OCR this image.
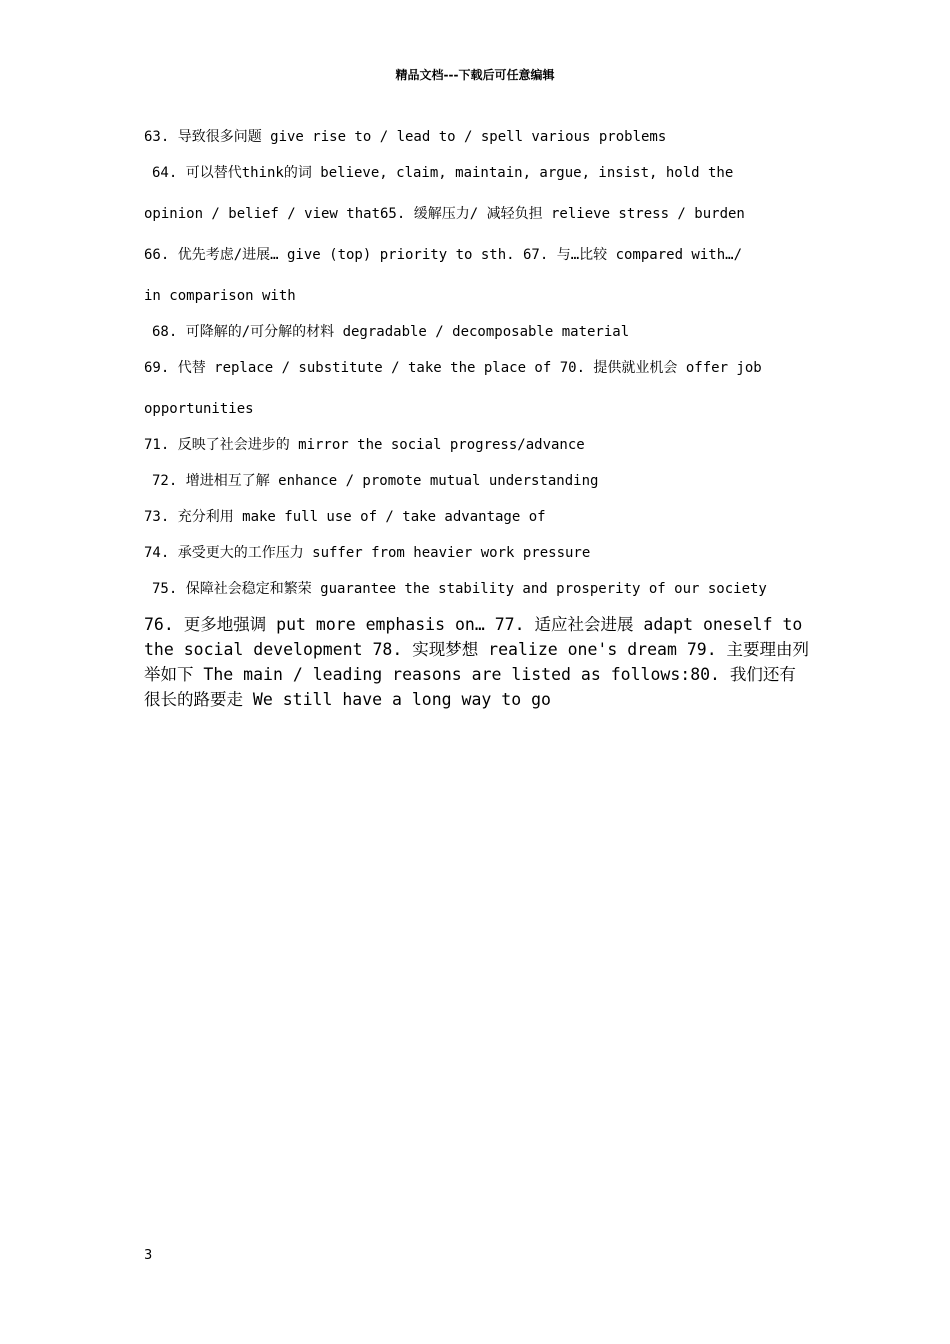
精品文档---下载后可任意编辑
63. 导致很多问题 give rise to / lead to / spell various problems
64. 可以替代think的词 believe, claim, maintain, argue, insist, hold the
opinion / belief / view that65. 缓解压力/ 减轻负担 relieve stress / burden
66. 优先考虑/进展… give (top) priority to sth. 67. 与…比较 compared with…/
in comparison with
68. 可降解的/可分解的材料 degradable / decomposable material
69. 代替 replace / substitute / take the place of 70. 提供就业机会 offer job
opportunities
71. 反映了社会进步的 mirror the social progress/advance
72. 增进相互了解 enhance / promote mutual understanding
73. 充分利用 make full use of / take advantage of
74. 承受更大的工作压力 suffer from heavier work pressure
75. 保障社会稳定和繁荣 guarantee the stability and prosperity of our society
76. 更多地强调 put more emphasis on… 77. 适应社会进展 adapt oneself to the social development 78. 实现梦想 realize one's dream 79. 主要理由列举如下 The main / leading reasons are listed as follows:80. 我们还有很长的路要走 We still have a long way to go
3
